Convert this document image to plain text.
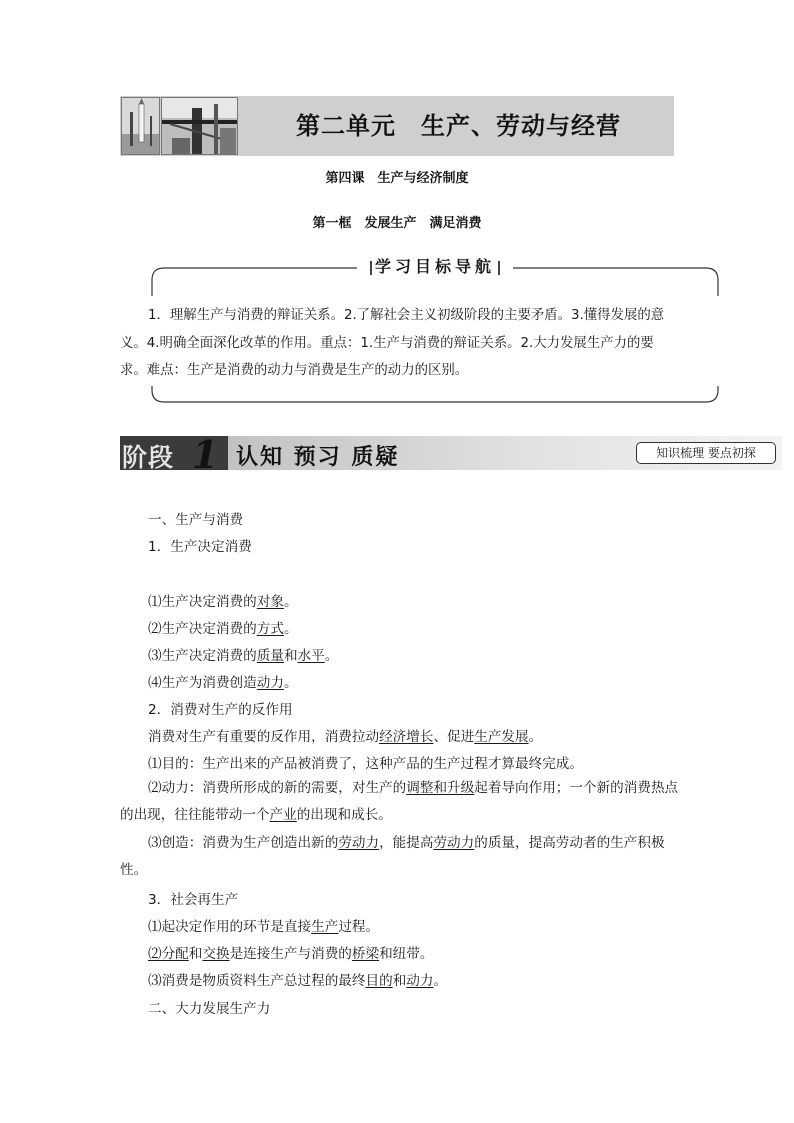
第二单元　生产、劳动与经营
第四课　生产与经济制度
第一框　发展生产　满足消费
学习目标导航
1．理解生产与消费的辩证关系。2.了解社会主义初级阶段的主要矛盾。3.懂得发展的意义。4.明确全面深化改革的作用。重点：1.生产与消费的辩证关系。2.大力发展生产力的要求。难点：生产是消费的动力与消费是生产的动力的区别。
阶段 1 认知 预习 质疑	知识梳理 要点初探
一、生产与消费
1．生产决定消费
⑴生产决定消费的对象。
⑵生产决定消费的方式。
⑶生产决定消费的质量和水平。
⑷生产为消费创造动力。
2．消费对生产的反作用
消费对生产有重要的反作用，消费拉动经济增长、促进生产发展。
⑴目的：生产出来的产品被消费了，这种产品的生产过程才算最终完成。
⑵动力：消费所形成的新的需要，对生产的调整和升级起着导向作用；一个新的消费热点的出现，往往能带动一个产业的出现和成长。
⑶创造：消费为生产创造出新的劳动力，能提高劳动力的质量，提高劳动者的生产积极性。
3．社会再生产
⑴起决定作用的环节是直接生产过程。
⑵分配和交换是连接生产与消费的桥梁和纽带。
⑶消费是物质资料生产总过程的最终目的和动力。
二、大力发展生产力
